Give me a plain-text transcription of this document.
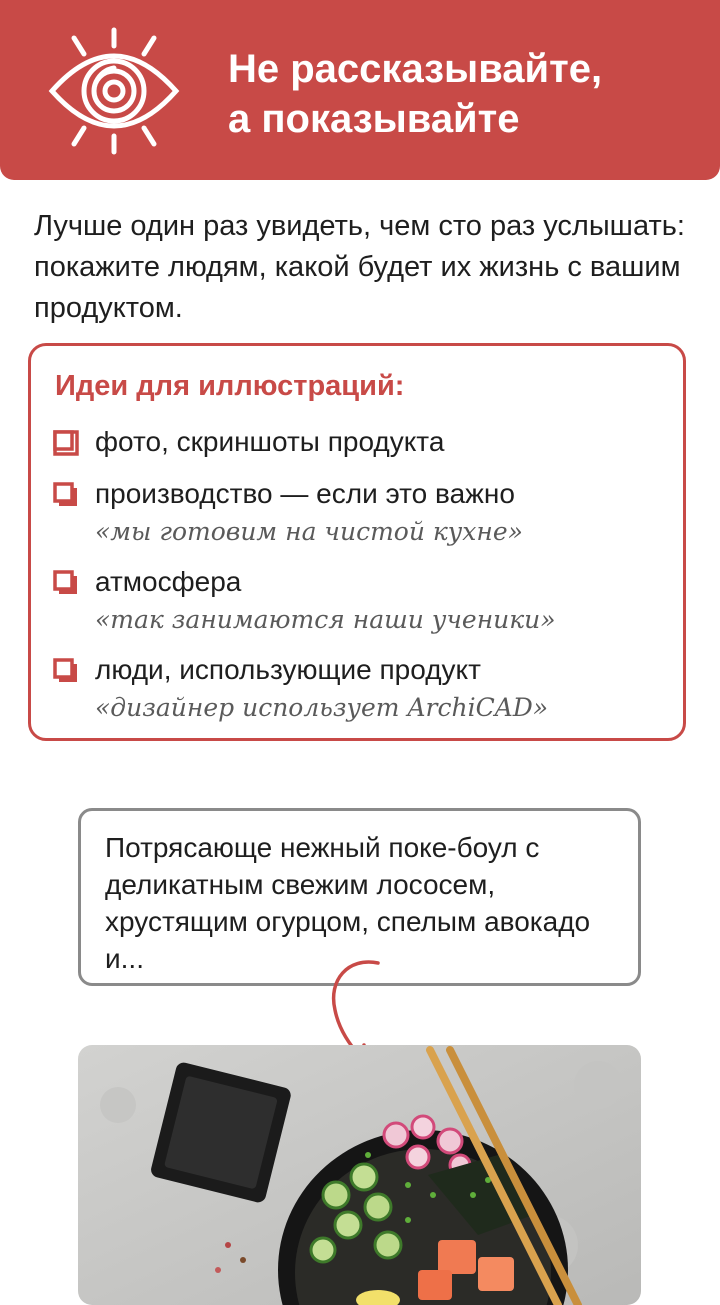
Не рассказывайте,
а показывайте
Лучше один раз увидеть, чем сто раз услышать: покажите людям, какой будет их жизнь с вашим продуктом.
Идеи для иллюстраций:
фото, скриншоты продукта
производство — если это важно
«мы готовим на чистой кухне»
атмосфера
«так занимаются наши ученики»
люди, использующие продукт
«дизайнер использует ArchiCAD»
Потрясающе нежный поке-боул с деликатным свежим лососем, хрустящим огурцом, спелым авокадо и...
